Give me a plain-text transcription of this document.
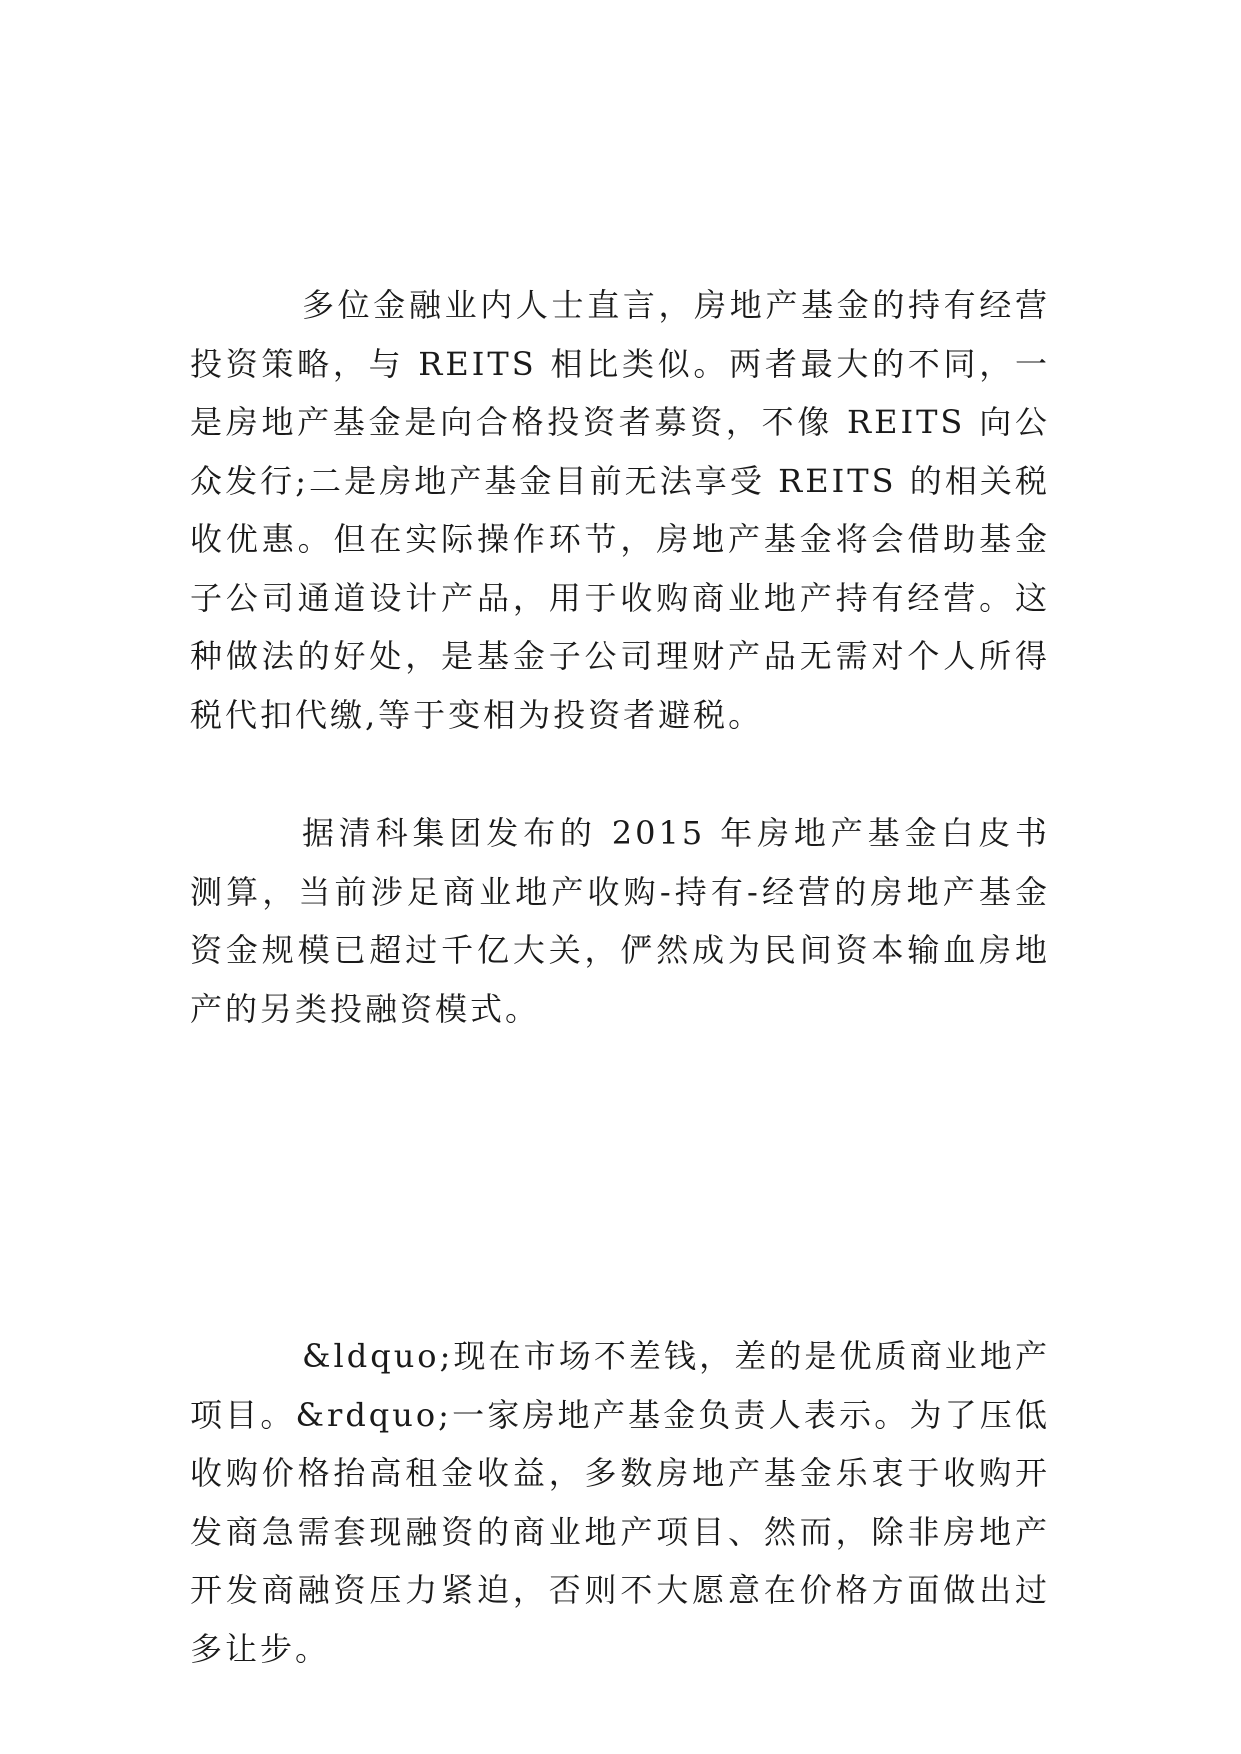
多位金融业内人士直言，房地产基金的持有经营投资策略，与 REITS 相比类似。两者最大的不同，一是房地产基金是向合格投资者募资，不像 REITS 向公众发行;二是房地产基金目前无法享受 REITS 的相关税收优惠。但在实际操作环节，房地产基金将会借助基金子公司通道设计产品，用于收购商业地产持有经营。这种做法的好处，是基金子公司理财产品无需对个人所得税代扣代缴,等于变相为投资者避税。

据清科集团发布的 2015 年房地产基金白皮书测算，当前涉足商业地产收购-持有-经营的房地产基金资金规模已超过千亿大关，俨然成为民间资本输血房地产的另类投融资模式。

&ldquo;现在市场不差钱，差的是优质商业地产项目。&rdquo;一家房地产基金负责人表示。为了压低收购价格抬高租金收益，多数房地产基金乐衷于收购开发商急需套现融资的商业地产项目、然而，除非房地产开发商融资压力紧迫，否则不大愿意在价格方面做出过多让步。
